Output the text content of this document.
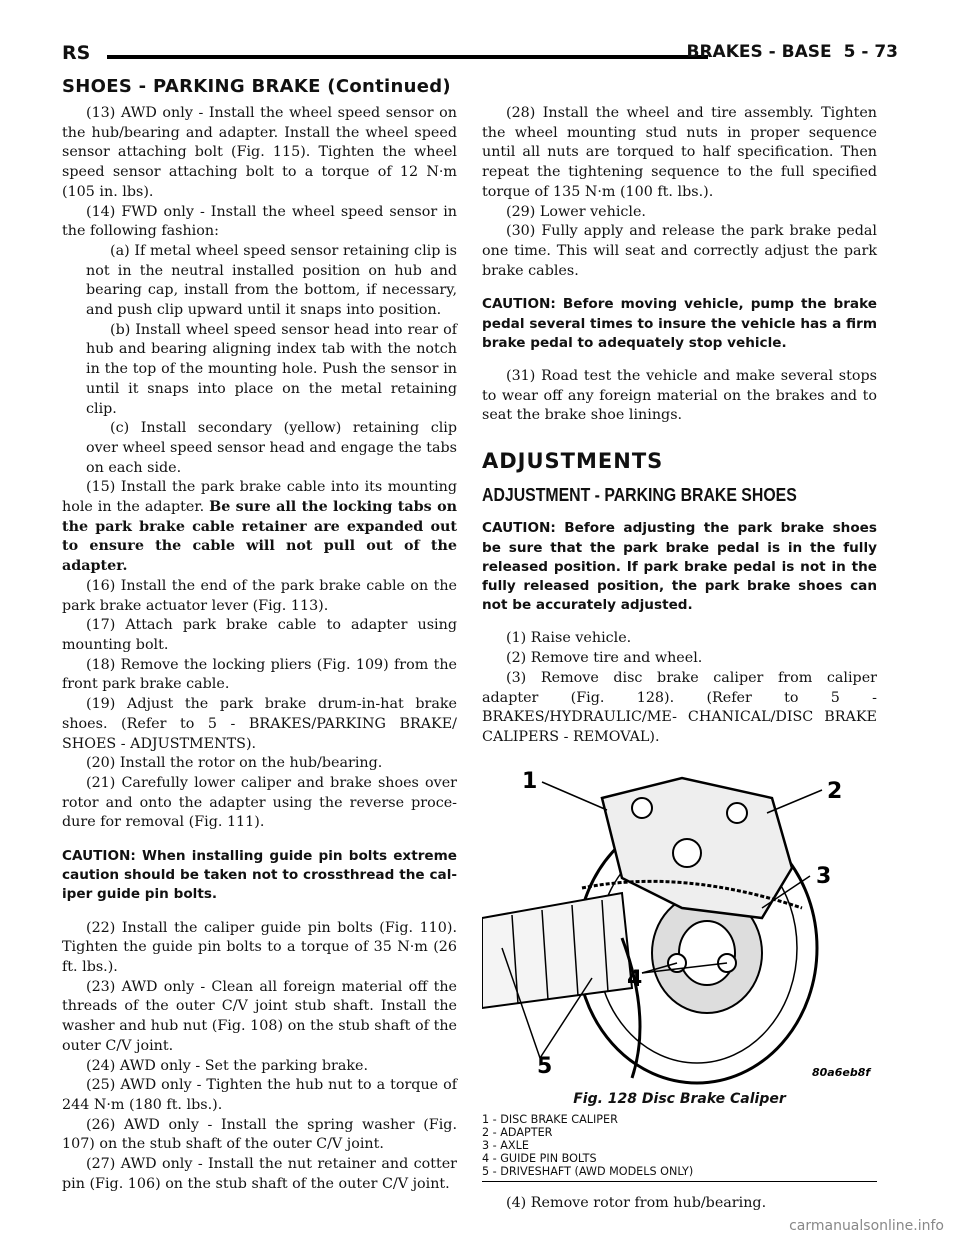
RS	BRAKES - BASE 5 - 73
SHOES - PARKING BRAKE (Continued)

(13) AWD only - Install the wheel speed sensor on the hub/bearing and adapter. Install the wheel speed sensor attaching bolt (Fig. 115). Tighten the wheel speed sensor attaching bolt to a torque of 12 N·m (105 in. lbs).

(14) FWD only - Install the wheel speed sensor in the following fashion:

(a) If metal wheel speed sensor retaining clip is not in the neutral installed position on hub and bearing cap, install from the bottom, if necessary, and push clip upward until it snaps into position.

(b) Install wheel speed sensor head into rear of hub and bearing aligning index tab with the notch in the top of the mounting hole. Push the sensor in until it snaps into place on the metal retaining clip.

(c) Install secondary (yellow) retaining clip over wheel speed sensor head and engage the tabs on each side.

(15) Install the park brake cable into its mounting hole in the adapter. Be sure all the locking tabs on the park brake cable retainer are expanded out to ensure the cable will not pull out of the adapter.

(16) Install the end of the park brake cable on the park brake actuator lever (Fig. 113).

(17) Attach park brake cable to adapter using mounting bolt.

(18) Remove the locking pliers (Fig. 109) from the front park brake cable.

(19) Adjust the park brake drum-in-hat brake shoes. (Refer to 5 - BRAKES/PARKING BRAKE/ SHOES - ADJUSTMENTS).

(20) Install the rotor on the hub/bearing.

(21) Carefully lower caliper and brake shoes over rotor and onto the adapter using the reverse proce- dure for removal (Fig. 111).

CAUTION: When installing guide pin bolts extreme caution should be taken not to crossthread the cal- iper guide pin bolts.

(22) Install the caliper guide pin bolts (Fig. 110). Tighten the guide pin bolts to a torque of 35 N·m (26 ft. lbs.).

(23) AWD only - Clean all foreign material off the threads of the outer C/V joint stub shaft. Install the washer and hub nut (Fig. 108) on the stub shaft of the outer C/V joint.

(24) AWD only - Set the parking brake.

(25) AWD only - Tighten the hub nut to a torque of 244 N·m (180 ft. lbs.).

(26) AWD only - Install the spring washer (Fig. 107) on the stub shaft of the outer C/V joint.

(27) AWD only - Install the nut retainer and cotter pin (Fig. 106) on the stub shaft of the outer C/V joint.

(28) Install the wheel and tire assembly. Tighten the wheel mounting stud nuts in proper sequence until all nuts are torqued to half specification. Then repeat the tightening sequence to the full specified torque of 135 N·m (100 ft. lbs.).

(29) Lower vehicle.

(30) Fully apply and release the park brake pedal one time. This will seat and correctly adjust the park brake cables.

CAUTION: Before moving vehicle, pump the brake pedal several times to insure the vehicle has a firm brake pedal to adequately stop vehicle.

(31) Road test the vehicle and make several stops to wear off any foreign material on the brakes and to seat the brake shoe linings.

ADJUSTMENTS
ADJUSTMENT - PARKING BRAKE SHOES

CAUTION: Before adjusting the park brake shoes be sure that the park brake pedal is in the fully released position. If park brake pedal is not in the fully released position, the park brake shoes can not be accurately adjusted.

(1) Raise vehicle.

(2) Remove tire and wheel.

(3) Remove disc brake caliper from caliper adapter (Fig. 128). (Refer to 5 - BRAKES/HYDRAULIC/ME- CHANICAL/DISC BRAKE CALIPERS - REMOVAL).

1	2
3
4
5	80a6eb8f
Fig. 128 Disc Brake Caliper
1 - DISC BRAKE CALIPER
2 - ADAPTER
3 - AXLE
4 - GUIDE PIN BOLTS
5 - DRIVESHAFT (AWD MODELS ONLY)

(4) Remove rotor from hub/bearing.

carmanualsonline.info
